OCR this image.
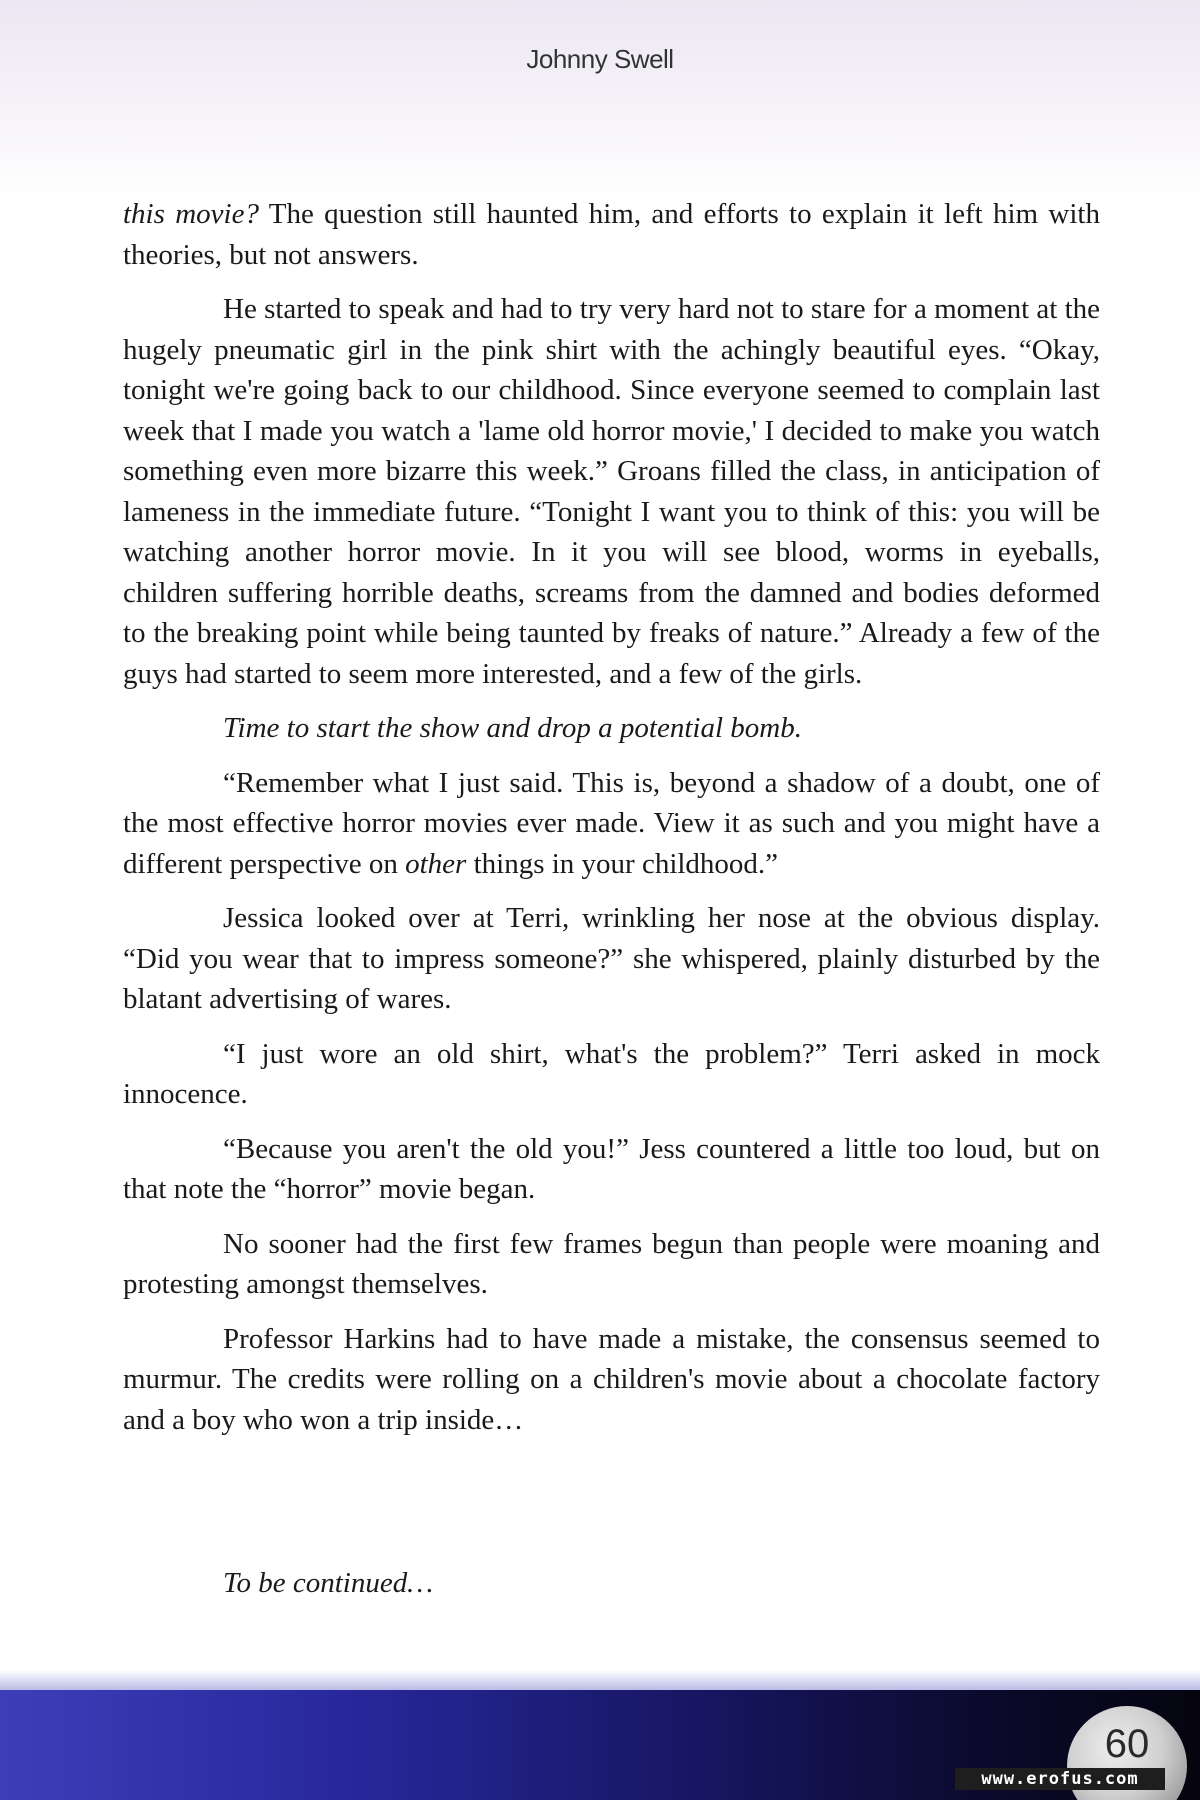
Johnny Swell

this movie? The question still haunted him, and efforts to explain it left him with theories, but not answers.

He started to speak and had to try very hard not to stare for a moment at the hugely pneumatic girl in the pink shirt with the achingly beautiful eyes. “Okay, tonight we're going back to our childhood. Since everyone seemed to complain last week that I made you watch a 'lame old horror movie,' I decided to make you watch something even more bizarre this week.” Groans filled the class, in anticipation of lameness in the immediate future. “Tonight I want you to think of this: you will be watching another horror movie. In it you will see blood, worms in eyeballs, children suffering horrible deaths, screams from the damned and bodies deformed to the breaking point while being taunted by freaks of nature.” Already a few of the guys had started to seem more interested, and a few of the girls.

Time to start the show and drop a potential bomb.

“Remember what I just said. This is, beyond a shadow of a doubt, one of the most effective horror movies ever made. View it as such and you might have a different perspective on other things in your childhood.”

Jessica looked over at Terri, wrinkling her nose at the obvious display. “Did you wear that to impress someone?” she whispered, plainly disturbed by the blatant advertising of wares.

“I just wore an old shirt, what's the problem?” Terri asked in mock innocence.

“Because you aren't the old you!” Jess countered a little too loud, but on that note the “horror” movie began.

No sooner had the first few frames begun than people were moaning and protesting amongst themselves.

Professor Harkins had to have made a mistake, the consensus seemed to murmur. The credits were rolling on a children's movie about a chocolate factory and a boy who won a trip inside…

To be continued…
60
www.erofus.com
